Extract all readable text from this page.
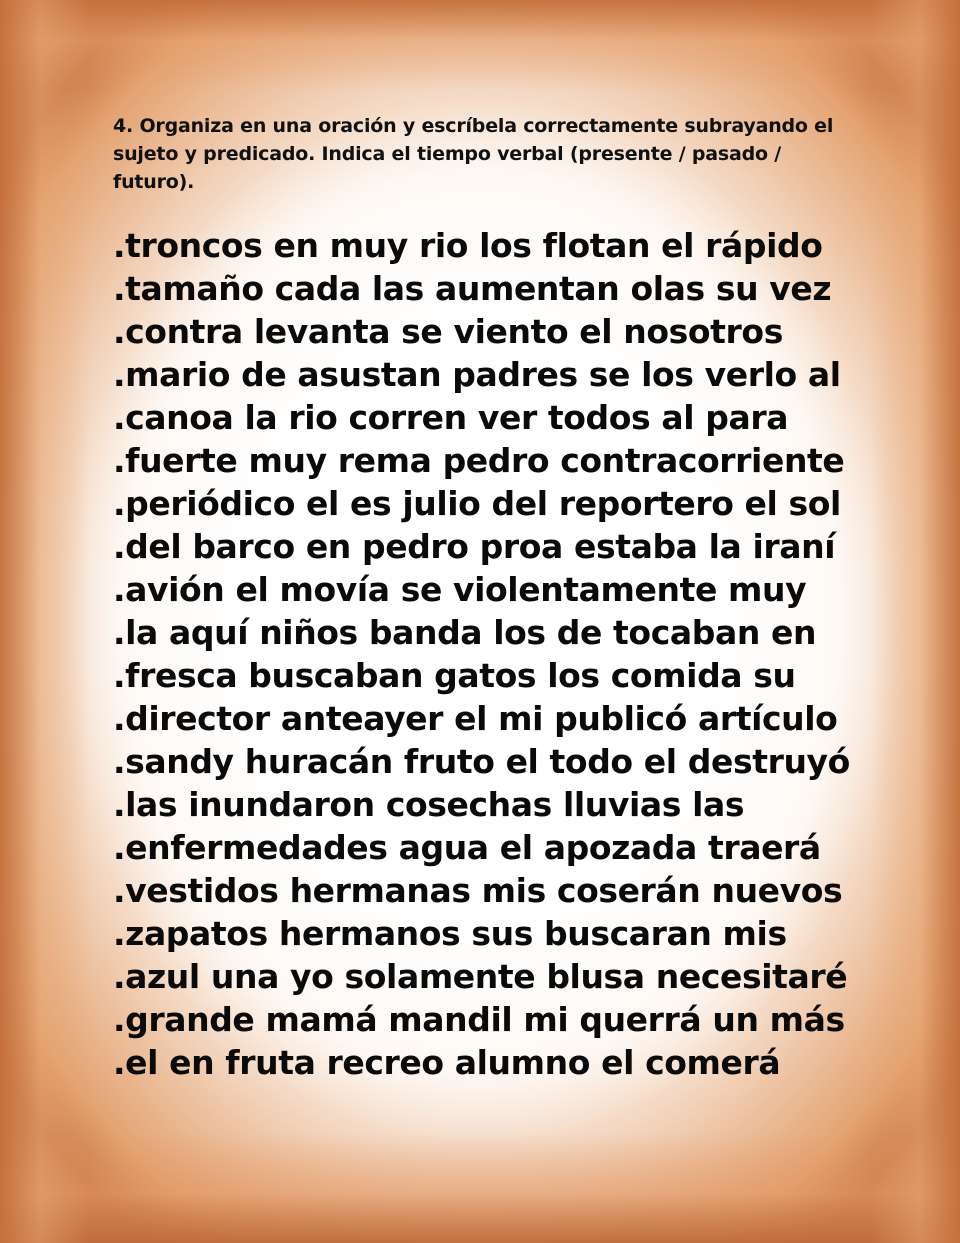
4. Organiza en una oración y escríbela correctamente subrayando el sujeto y predicado. Indica el tiempo verbal (presente / pasado / futuro).

.troncos en muy rio los flotan el rápido
.tamaño cada las aumentan olas su vez
.contra levanta se viento el nosotros
.mario de asustan padres se los verlo al
.canoa la rio corren ver todos al para
.fuerte muy rema pedro contracorriente
.periódico el es julio del reportero el sol
.del barco en pedro proa estaba la iraní
.avión el movía se violentamente muy
.la aquí niños banda los de tocaban en
.fresca buscaban gatos los comida su
.director anteayer el mi publicó artículo
.sandy huracán fruto el todo el destruyó
.las inundaron cosechas lluvias las
.enfermedades agua el apozada traerá
.vestidos hermanas mis coserán nuevos
.zapatos hermanos sus buscaran mis
.azul una yo solamente blusa necesitaré
.grande mamá mandil mi querrá un más
.el en fruta recreo alumno el comerá
